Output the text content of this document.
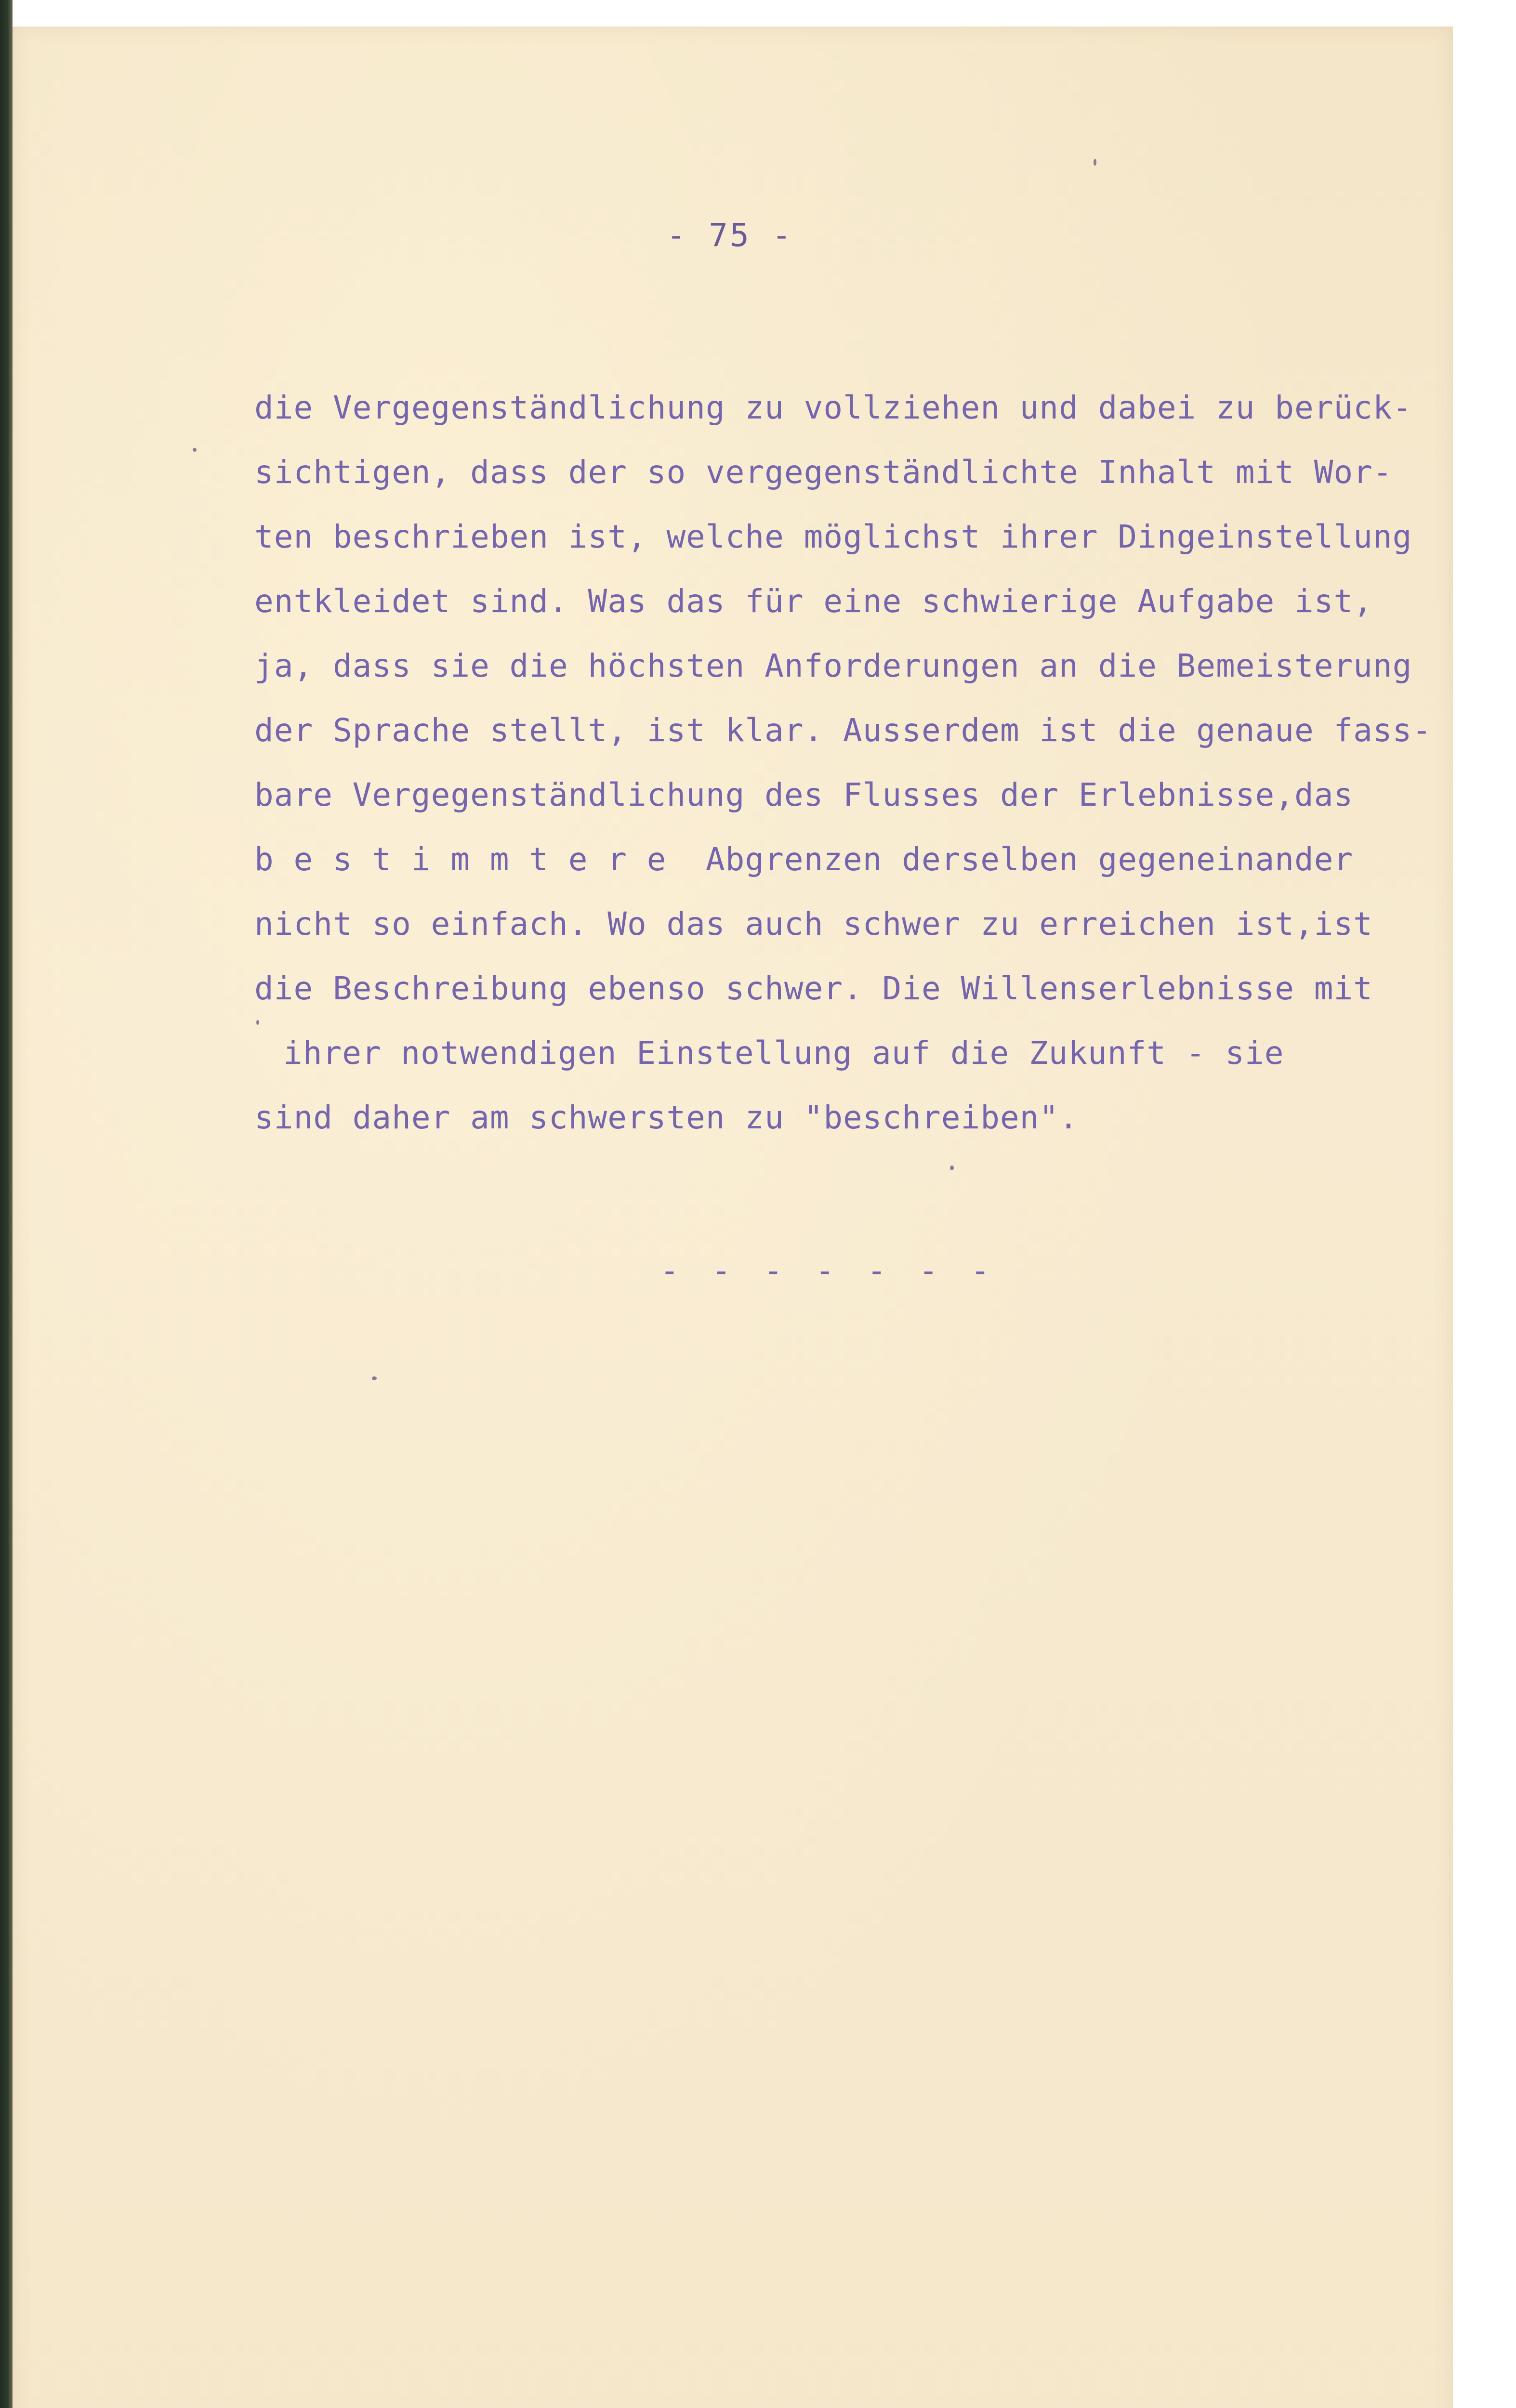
- 75 -
die Vergegenständlichung zu vollziehen und dabei zu berück-
sichtigen, dass der so vergegenständlichte Inhalt mit Wor-
ten beschrieben ist, welche möglichst ihrer Dingeinstellung
entkleidet sind. Was das für eine schwierige Aufgabe ist,
ja, dass sie die höchsten Anforderungen an die Bemeisterung
der Sprache stellt, ist klar. Ausserdem ist die genaue fass-
bare Vergegenständlichung des Flusses der Erlebnisse,das
b e s t i m m t e r e  Abgrenzen derselben gegeneinander
nicht so einfach. Wo das auch schwer zu erreichen ist,ist
die Beschreibung ebenso schwer. Die Willenserlebnisse mit
ihrer notwendigen Einstellung auf die Zukunft - sie
sind daher am schwersten zu "beschreiben".
- - - - - - -
